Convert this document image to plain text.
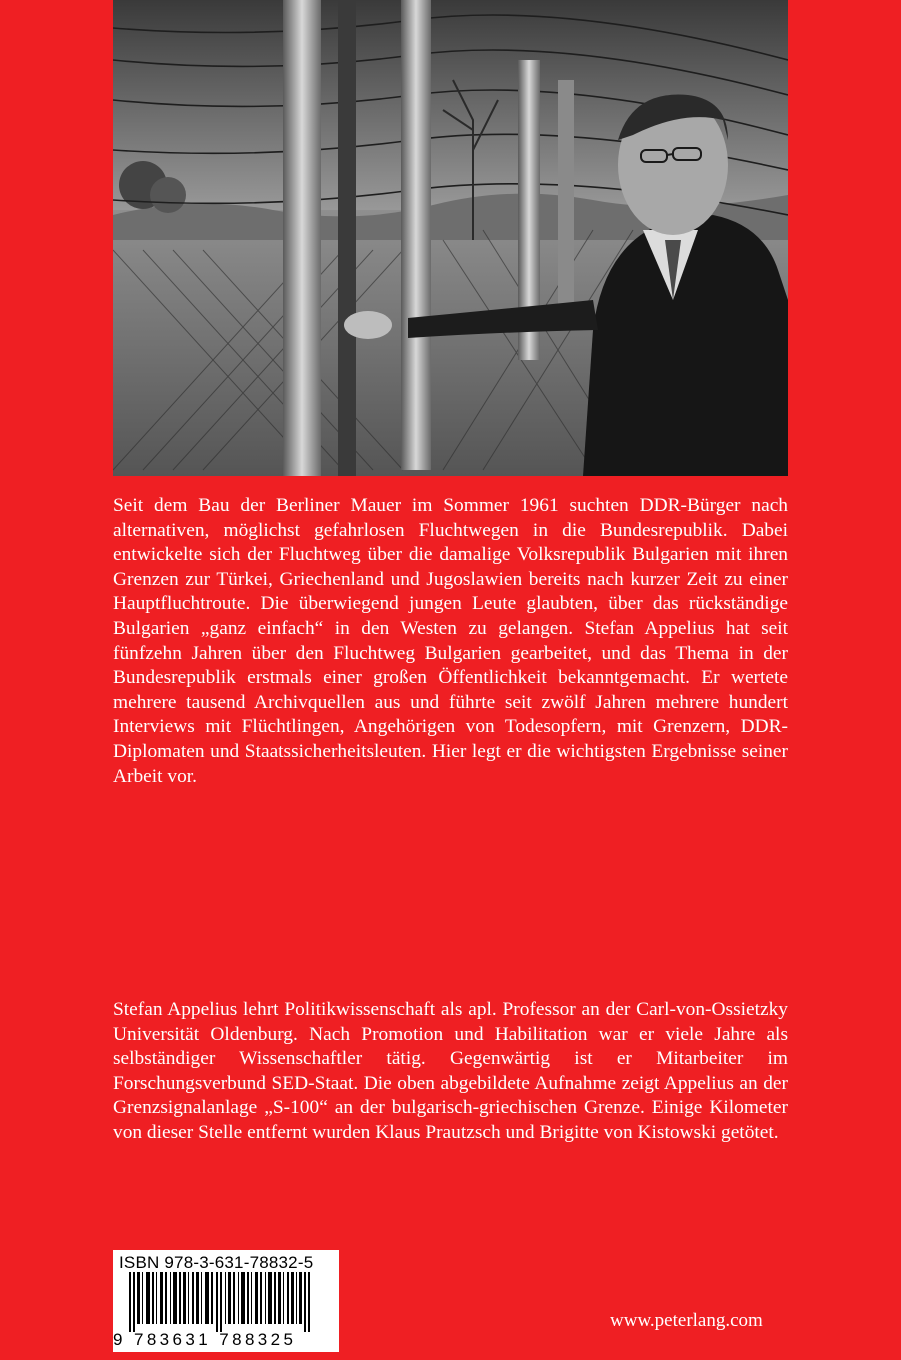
Seit dem Bau der Berliner Mauer im Sommer 1961 suchten DDR-Bürger nach alternativen, möglichst gefahrlosen Fluchtwegen in die Bundesrepublik. Dabei entwickelte sich der Fluchtweg über die damalige Volksrepublik Bulgarien mit ihren Grenzen zur Türkei, Griechenland und Jugoslawien bereits nach kurzer Zeit zu einer Hauptfluchtroute. Die überwiegend jungen Leute glaubten, über das rückständige Bulgarien „ganz einfach“ in den Westen zu gelangen. Stefan Appelius hat seit fünfzehn Jahren über den Fluchtweg Bulgarien gearbeitet, und das Thema in der Bundesrepublik erstmals einer großen Öffentlichkeit bekanntgemacht. Er wertete mehrere tausend Archivquellen aus und führte seit zwölf Jahren mehrere hundert Interviews mit Flüchtlingen, Angehörigen von Todesopfern, mit Grenzern, DDR-Diplomaten und Staatssicherheitsleuten. Hier legt er die wichtigsten Ergebnisse seiner Arbeit vor.

Stefan Appelius lehrt Politikwissenschaft als apl. Professor an der Carl-von-Ossietzky Universität Oldenburg. Nach Promotion und Habilitation war er viele Jahre als selbständiger Wissenschaftler tätig. Gegenwärtig ist er Mitarbeiter im Forschungsverbund SED-Staat. Die oben abgebildete Aufnahme zeigt Appelius an der Grenzsignalanlage „S-100“ an der bulgarisch-griechischen Grenze. Einige Kilometer von dieser Stelle entfernt wurden Klaus Prautzsch und Brigitte von Kistowski getötet.

ISBN 978-3-631-78832-5
9 783631 788325
www.peterlang.com
